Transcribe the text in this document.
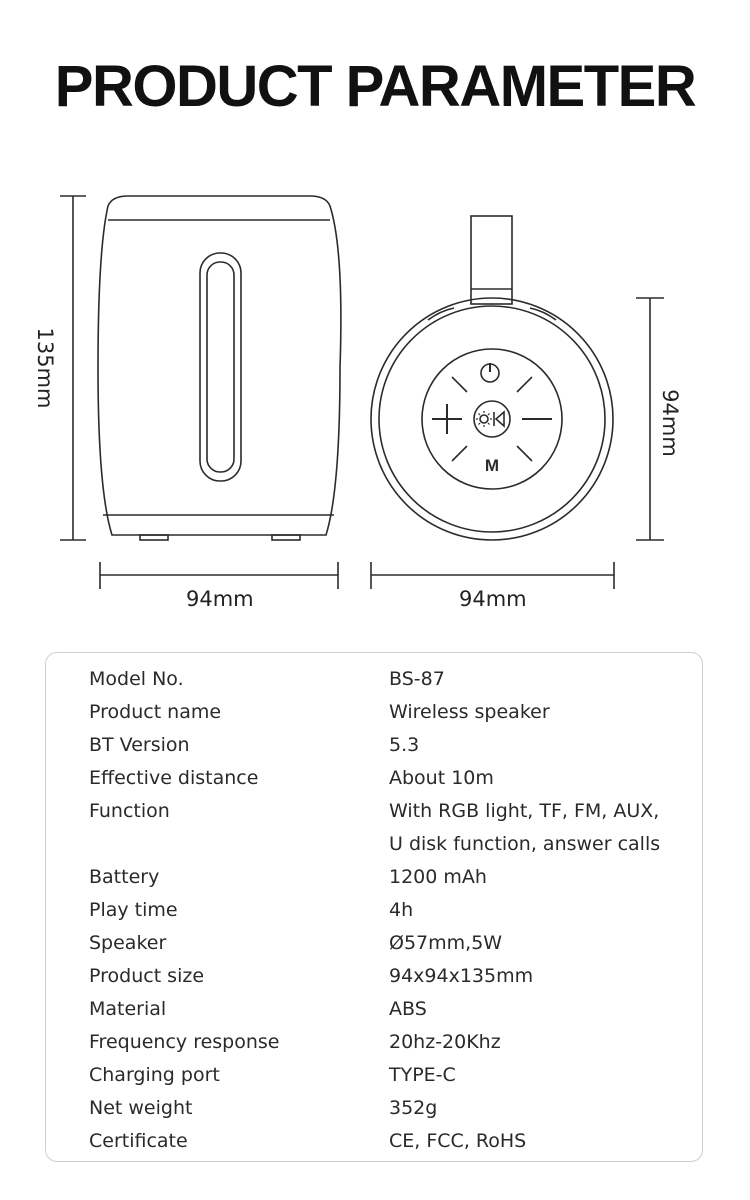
PRODUCT PARAMETER
M
135mm
94mm	94mm
94mm
Model No.	BS-87
Product name	Wireless speaker
BT Version	5.3
Effective distance	About 10m
Function	With RGB light, TF, FM, AUX,
U disk function, answer calls
Battery	1200 mAh
Play time	4h
Speaker	Ø57mm,5W
Product size	94x94x135mm
Material	ABS
Frequency response	20hz-20Khz
Charging port	TYPE-C
Net weight	352g
Certificate	CE, FCC, RoHS
